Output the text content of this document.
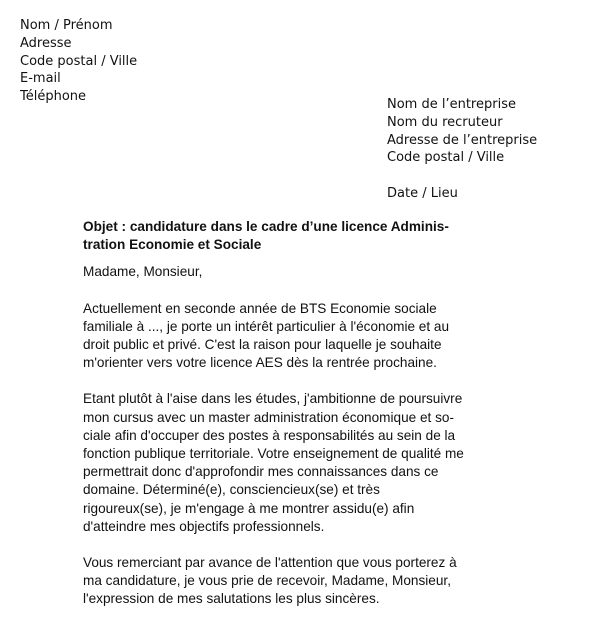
Nom / Prénom
Adresse
Code postal / Ville
E-mail
Téléphone
Nom de l’entreprise
Nom du recruteur
Adresse de l’entreprise
Code postal / Ville
Date / Lieu

Objet : candidature dans le cadre d’une licence Adminis-
tration Economie et Sociale

Madame, Monsieur,

Actuellement en seconde année de BTS Economie sociale
familiale à ..., je porte un intérêt particulier à l'économie et au
droit public et privé. C'est la raison pour laquelle je souhaite
m'orienter vers votre licence AES dès la rentrée prochaine.
Etant plutôt à l'aise dans les études, j'ambitionne de poursuivre
mon cursus avec un master administration économique et so-
ciale afin d'occuper des postes à responsabilités au sein de la
fonction publique territoriale. Votre enseignement de qualité me
permettrait donc d'approfondir mes connaissances dans ce
domaine. Déterminé(e), consciencieux(se) et très
rigoureux(se), je m'engage à me montrer assidu(e) afin
d'atteindre mes objectifs professionnels.
Vous remerciant par avance de l'attention que vous porterez à
ma candidature, je vous prie de recevoir, Madame, Monsieur,
l'expression de mes salutations les plus sincères.
